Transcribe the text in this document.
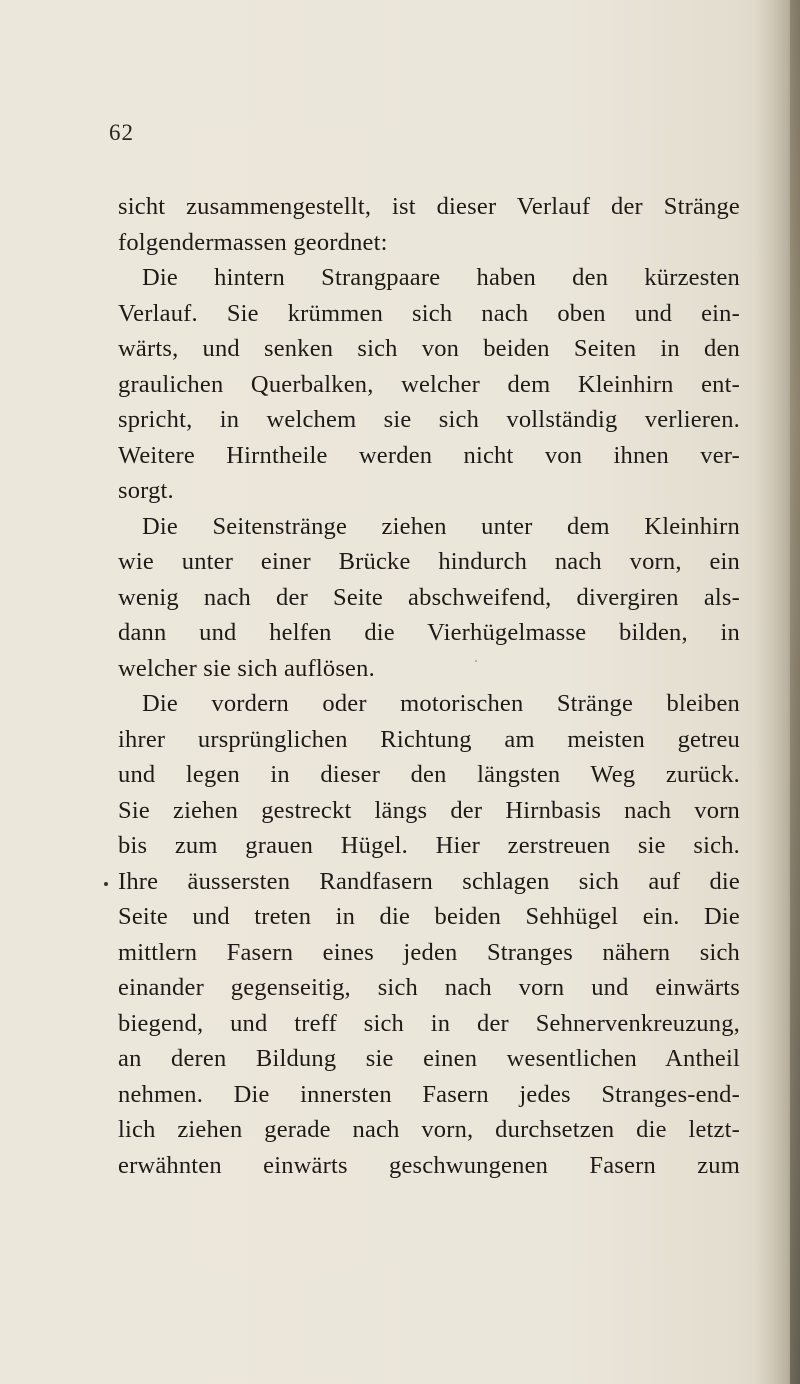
62
sicht zusammengestellt, ist dieser Verlauf der Stränge
folgendermassen geordnet:
Die hintern Strangpaare haben den kürzesten
Verlauf. Sie krümmen sich nach oben und ein-
wärts, und senken sich von beiden Seiten in den
graulichen Querbalken, welcher dem Kleinhirn ent-
spricht, in welchem sie sich vollständig verlieren.
Weitere Hirntheile werden nicht von ihnen ver-
sorgt.
Die Seitenstränge ziehen unter dem Kleinhirn
wie unter einer Brücke hindurch nach vorn, ein
wenig nach der Seite abschweifend, divergiren als-
dann und helfen die Vierhügelmasse bilden, in
welcher sie sich auflösen.
Die vordern oder motorischen Stränge bleiben
ihrer ursprünglichen Richtung am meisten getreu
und legen in dieser den längsten Weg zurück.
Sie ziehen gestreckt längs der Hirnbasis nach vorn
bis zum grauen Hügel. Hier zerstreuen sie sich.
Ihre äussersten Randfasern schlagen sich auf die
Seite und treten in die beiden Sehhügel ein. Die
mittlern Fasern eines jeden Stranges nähern sich
einander gegenseitig, sich nach vorn und einwärts
biegend, und treff sich in der Sehnervenkreuzung,
an deren Bildung sie einen wesentlichen Antheil
nehmen. Die innersten Fasern jedes Stranges-end-
lich ziehen gerade nach vorn, durchsetzen die letzt-
erwähnten einwärts geschwungenen Fasern zum
